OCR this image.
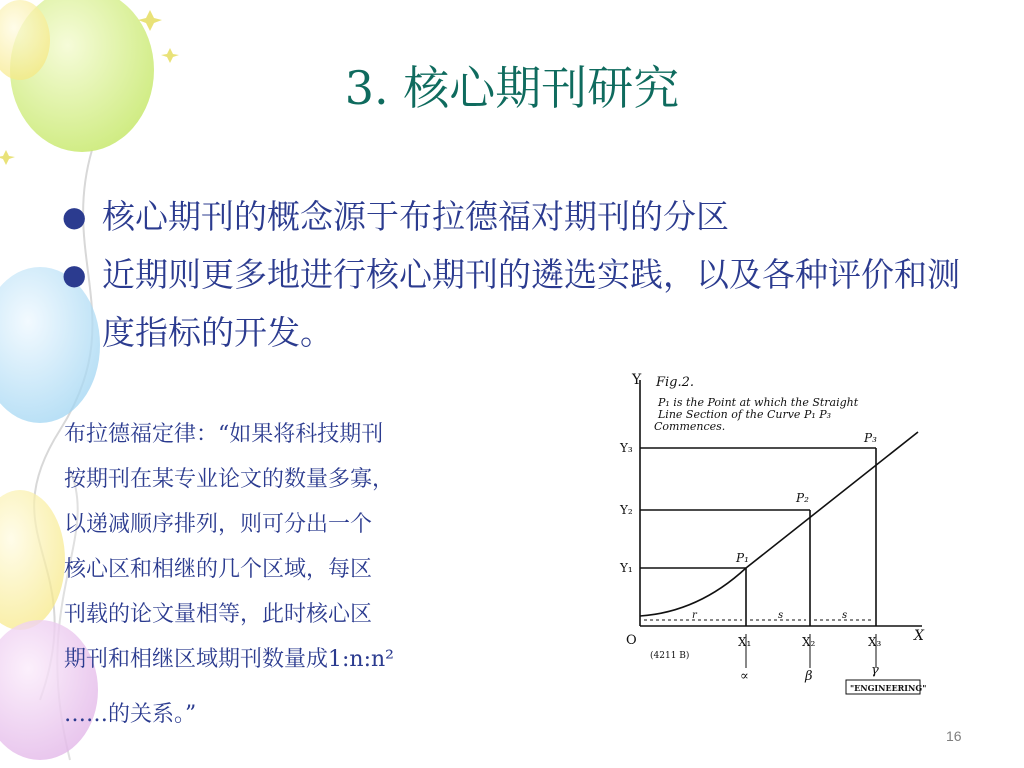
3. 核心期刊研究
● 核心期刊的概念源于布拉德福对期刊的分区
● 近期则更多地进行核心期刊的遴选实践，以及各种评价和测度指标的开发。
布拉德福定律：“如果将科技期刊
按期刊在某专业论文的数量多寡，
以递减顺序排列，则可分出一个
核心区和相继的几个区域，每区
刊载的论文量相等，此时核心区
期刊和相继区域期刊数量成1:n:n²
……的关系。”
Y Fig.2.
P₁ is the Point at which the Straight
Line Section of the Curve P₁ P₃
Commences.
Y₃
Y₂
Y₁
P₁
P₂
P₃
O	X
r	s	s
X₁	X₂	X₃
(4211 B)
∝	β	γ
"ENGINEERING"
16
